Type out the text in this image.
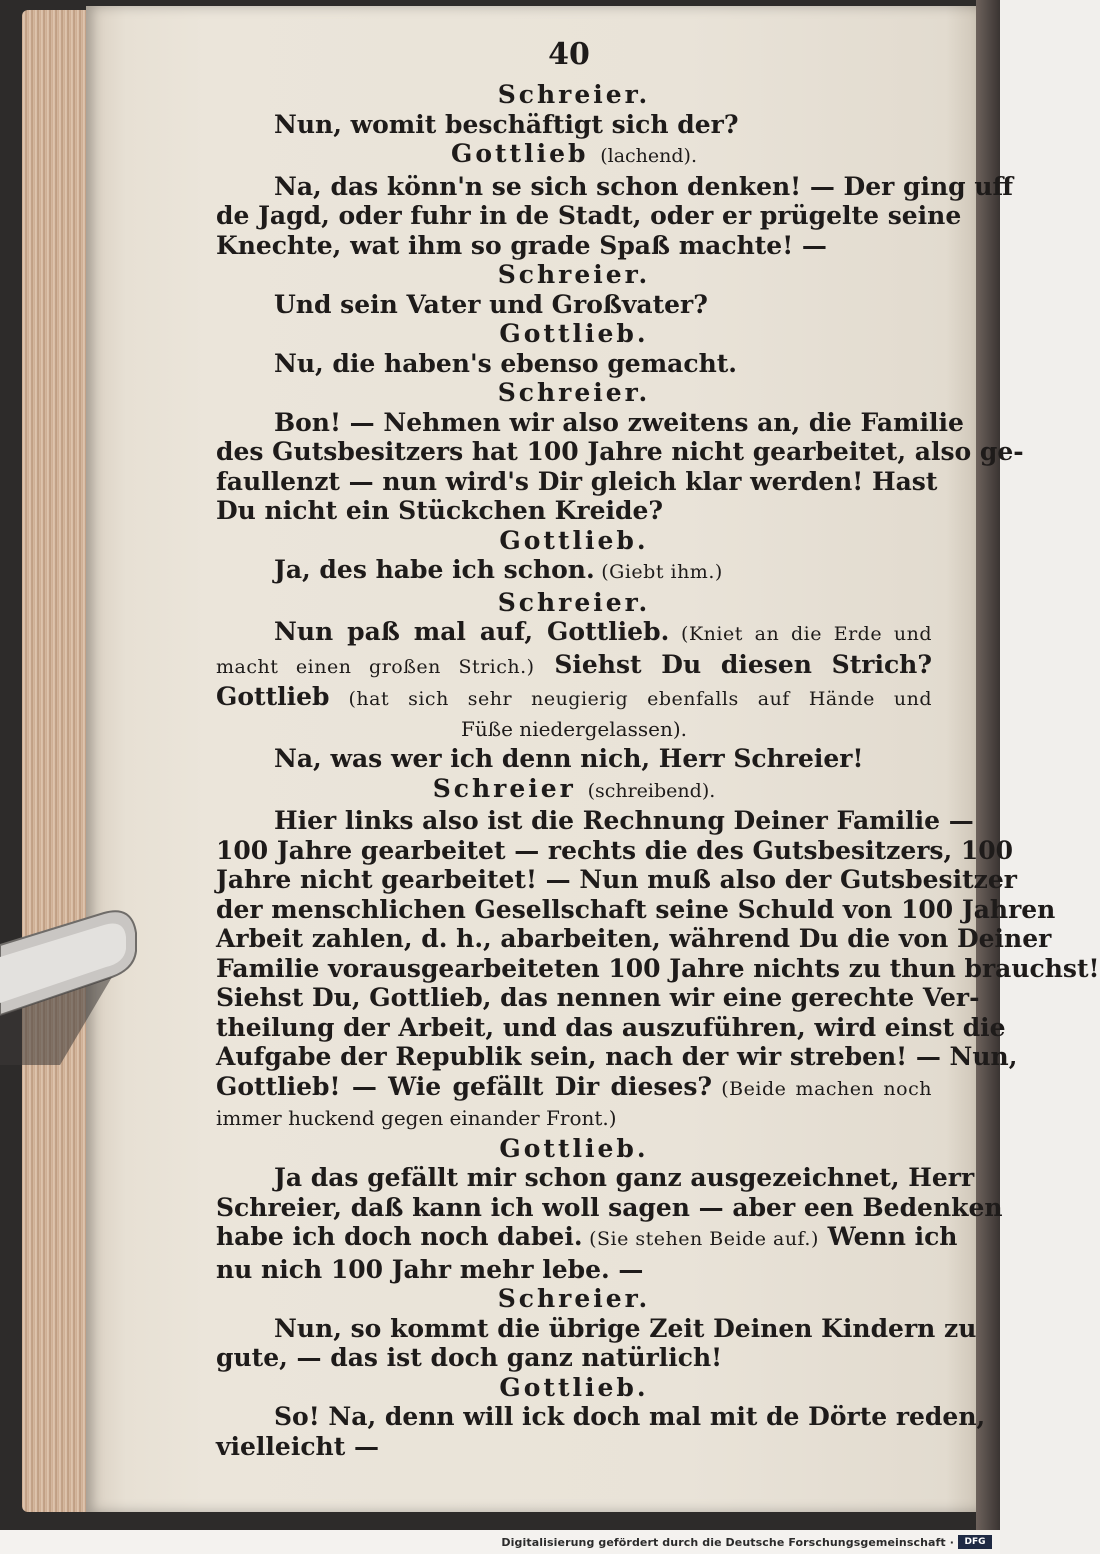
40
Schreier.
Nun, womit beschäftigt sich der?
Gottlieb (lachend).
Na, das könn'n se sich schon denken! — Der ging uff
de Jagd, oder fuhr in de Stadt, oder er prügelte seine
Knechte, wat ihm so grade Spaß machte! —
Schreier.
Und sein Vater und Großvater?
Gottlieb.
Nu, die haben's ebenso gemacht.
Schreier.
Bon! — Nehmen wir also zweitens an, die Familie
des Gutsbesitzers hat 100 Jahre nicht gearbeitet, also ge-
faullenzt — nun wird's Dir gleich klar werden! Hast
Du nicht ein Stückchen Kreide?
Gottlieb.
Ja, des habe ich schon. (Giebt ihm.)
Schreier.
Nun paß mal auf, Gottlieb. (Kniet an die Erde und
macht einen großen Strich.) Siehst Du diesen Strich?
Gottlieb (hat sich sehr neugierig ebenfalls auf Hände und
Füße niedergelassen).
Na, was wer ich denn nich, Herr Schreier!
Schreier (schreibend).
Hier links also ist die Rechnung Deiner Familie —
100 Jahre gearbeitet — rechts die des Gutsbesitzers, 100
Jahre nicht gearbeitet! — Nun muß also der Gutsbesitzer
der menschlichen Gesellschaft seine Schuld von 100 Jahren
Arbeit zahlen, d. h., abarbeiten, während Du die von Deiner
Familie vorausgearbeiteten 100 Jahre nichts zu thun brauchst!
Siehst Du, Gottlieb, das nennen wir eine gerechte Ver-
theilung der Arbeit, und das auszuführen, wird einst die
Aufgabe der Republik sein, nach der wir streben! — Nun,
Gottlieb! — Wie gefällt Dir dieses? (Beide machen noch
immer huckend gegen einander Front.)
Gottlieb.
Ja das gefällt mir schon ganz ausgezeichnet, Herr
Schreier, daß kann ich woll sagen — aber een Bedenken
habe ich doch noch dabei. (Sie stehen Beide auf.) Wenn ich
nu nich 100 Jahr mehr lebe. —
Schreier.
Nun, so kommt die übrige Zeit Deinen Kindern zu
gute, — das ist doch ganz natürlich!
Gottlieb.
So! Na, denn will ick doch mal mit de Dörte reden,
vielleicht —
Digitalisierung gefördert durch die Deutsche Forschungsgemeinschaft ·	DFG
